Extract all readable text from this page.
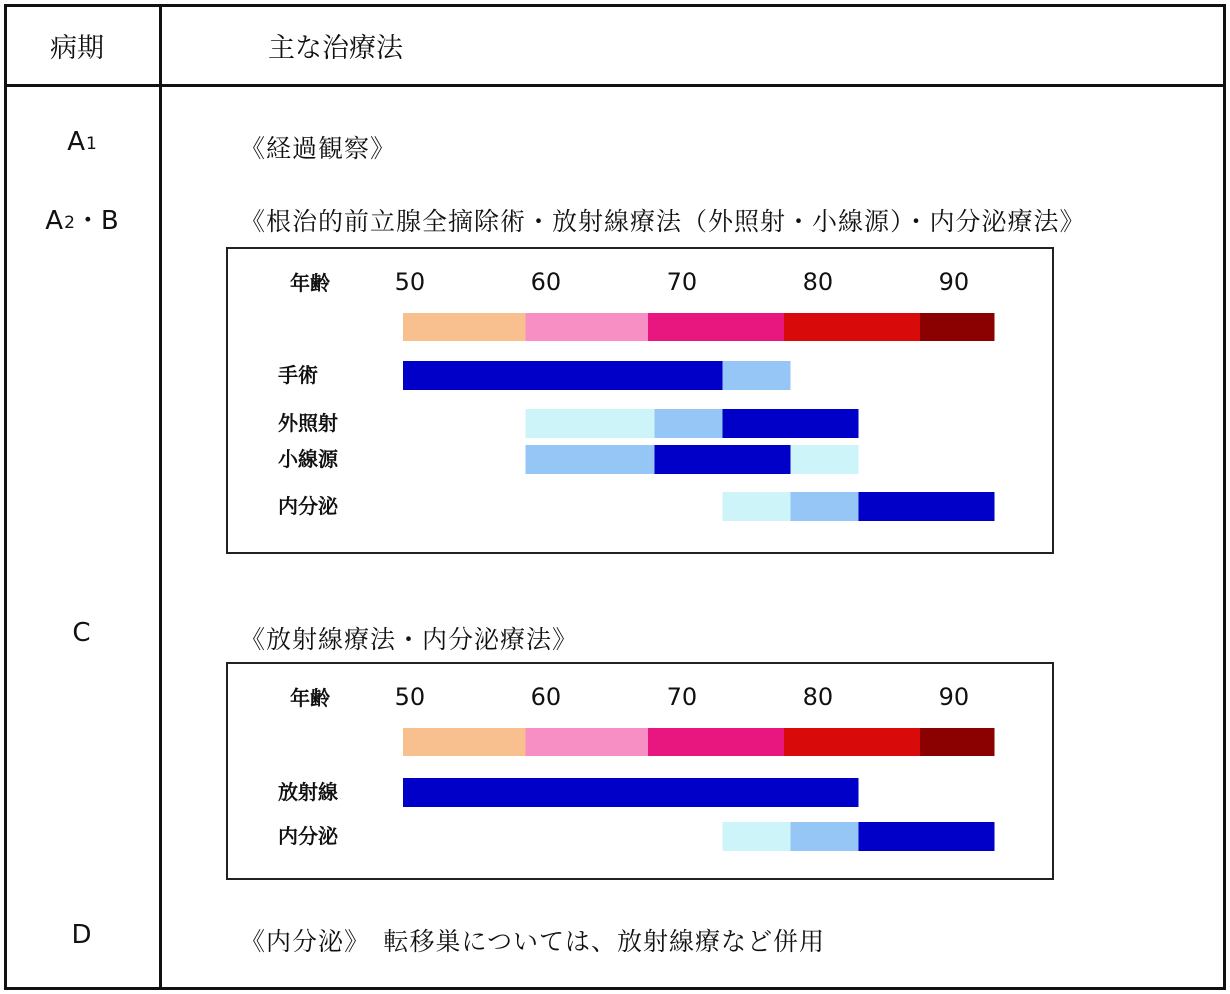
病期	主な治療法
$A_1$	《経過観察》
$A_2$・B	《根治的前立腺全摘除術・放射線療法（外照射・小線源）・内分泌療法》
年齢	50	60	70	80	90
手術
外照射
小線源
内分泌
C	《放射線療法・内分泌療法》
年齢	50	60	70	80	90
放射線
内分泌
D	《内分泌》　転移巣については、放射線療など併用
